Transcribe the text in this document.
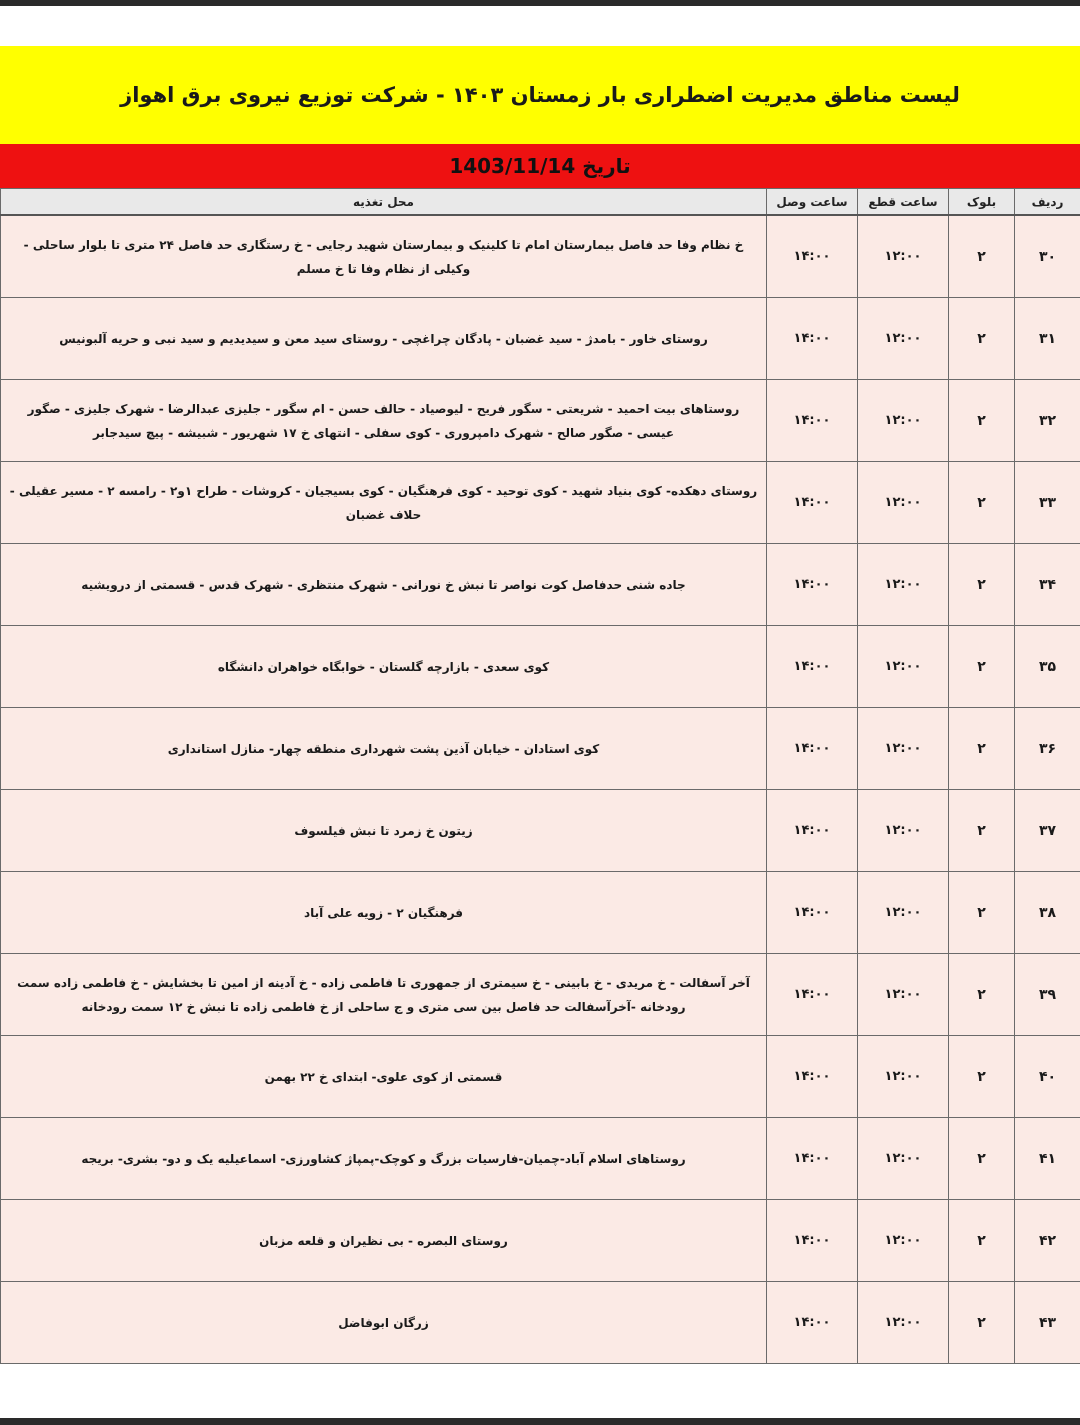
لیست مناطق مدیریت اضطراری بار زمستان ۱۴۰۳ - شرکت توزیع نیروی برق اهواز
تاریخ 1403/11/14
ردیف	بلوک	ساعت قطع	ساعت وصل	محل تغذیه
۳۰	۲	۱۲:۰۰	۱۴:۰۰	خ نظام وفا حد فاصل بیمارستان امام تا کلینیک و بیمارستان شهید رجایی - خ رستگاری حد فاصل ۲۴ متری تا بلوار ساحلی - وکیلی از نظام وفا تا خ مسلم
۳۱	۲	۱۲:۰۰	۱۴:۰۰	روستای خاور - بامدژ - سید غضبان - پادگان چراغچی - روستای سید معن و سیدیدیم و سید نبی و حریه آلبونیس
۳۲	۲	۱۲:۰۰	۱۴:۰۰	روستاهای بیت احمید - شریعتی - سگور فریح - لیوصیاد - حالف حسن - ام سگور - جلیزی عبدالرضا - شهرک جلیزی - صگور عیسی - صگور صالح - شهرک دامپروری - کوی سفلی - انتهای خ ۱۷ شهریور - شبیشه - پیچ سیدجابر
۳۳	۲	۱۲:۰۰	۱۴:۰۰	روستای دهکده- کوی بنیاد شهید - کوی توحید - کوی فرهنگیان - کوی بسیجیان - کروشات - طراح ۱و۲ - رامسه ۲ - مسیر عقیلی - حلاف غضبان
۳۴	۲	۱۲:۰۰	۱۴:۰۰	جاده شنی حدفاصل کوت نواصر تا نبش خ نورانی - شهرک منتظری - شهرک قدس - قسمتی از درویشیه
۳۵	۲	۱۲:۰۰	۱۴:۰۰	کوی سعدی - بازارچه گلستان - خوابگاه خواهران دانشگاه
۳۶	۲	۱۲:۰۰	۱۴:۰۰	کوی استادان - خیابان آذین پشت شهرداری منطقه چهار- منازل استانداری
۳۷	۲	۱۲:۰۰	۱۴:۰۰	زیتون خ زمرد تا نبش فیلسوف
۳۸	۲	۱۲:۰۰	۱۴:۰۰	فرهنگیان ۲ - زویه علی آباد
۳۹	۲	۱۲:۰۰	۱۴:۰۰	آخر آسفالت - خ مریدی - خ بابینی - خ سیمتری از جمهوری تا فاطمی زاده - خ آدینه از امین تا بخشایش - خ فاطمی زاده سمت رودخانه -آخرآسفالت حد فاصل بین سی متری و ج ساحلی از خ فاطمی زاده تا نبش خ ۱۲ سمت رودخانه
۴۰	۲	۱۲:۰۰	۱۴:۰۰	قسمتی از کوی علوی- ابتدای خ ۲۲ بهمن
۴۱	۲	۱۲:۰۰	۱۴:۰۰	روستاهای اسلام آباد-چمیان-فارسیات بزرگ و کوچک-پمپاژ کشاورزی- اسماعیلیه یک و دو- بشری- بریجه
۴۲	۲	۱۲:۰۰	۱۴:۰۰	روستای البصره - بی نظیران و قلعه مزبان
۴۳	۲	۱۲:۰۰	۱۴:۰۰	زرگان ابوفاضل
